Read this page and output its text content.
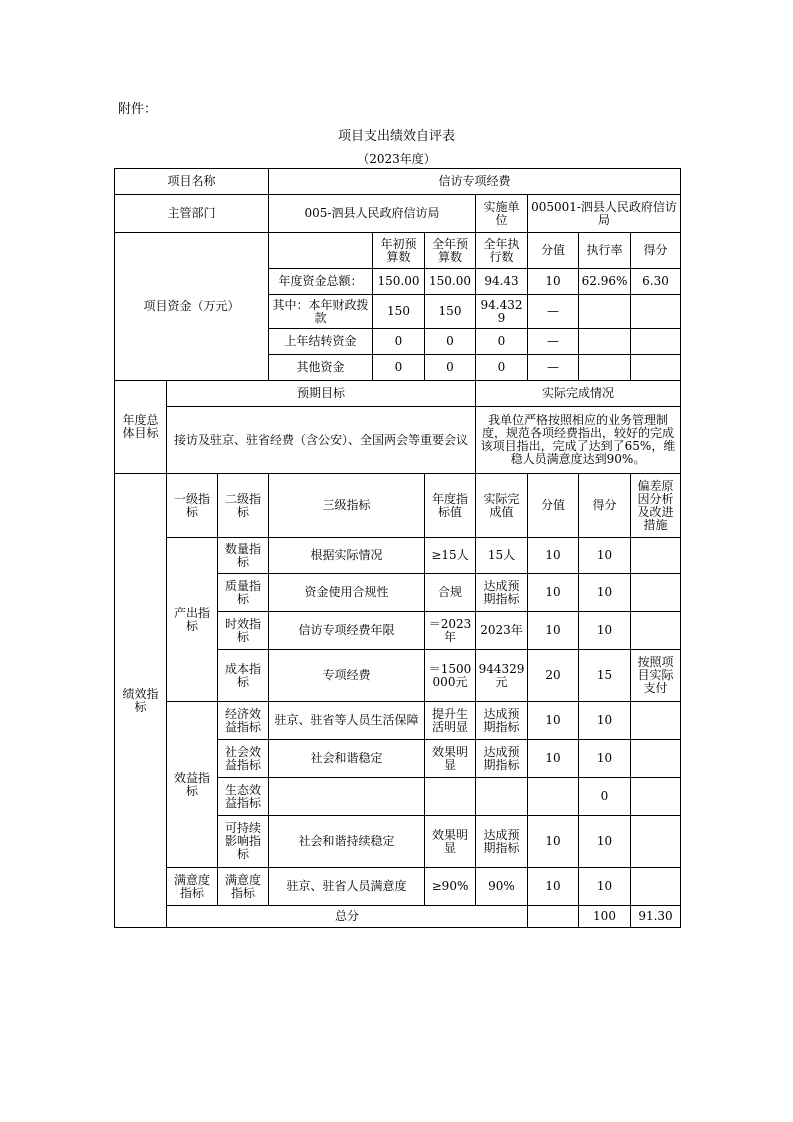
附件：
项目支出绩效自评表
（2023年度）
项目名称			信访专项经费							
主管部门			005-泗县人民政府信访局			实施单位	005001-泗县人民政府信访局			
项目资金（万元）				年初预算数	全年预算数	全年执行数	分值	执行率	得分	
			年度资金总额：	150.00	150.00	94.43	10	62.96%	6.30	
			其中：本年财政拨款	150	150	94.4329	—			
			上年结转资金	0	0	0	—			
			其他资金	0	0	0	—			
年度总体目标	预期目标					实际完成情况				
	接访及驻京、驻省经费（含公安）、全国两会等重要会议					我单位严格按照相应的业务管理制度，规范各项经费指出，较好的完成该项目指出，完成了达到了65%，维稳人员满意度达到90%。				
绩效指标	一级指标	二级指标	三级指标		年度指标值	实际完成值	分值	得分	偏差原因分析及改进措施	
	产出指标	数量指标	根据实际情况		≥15人	15人	10	10		
		质量指标	资金使用合规性		合规	达成预期指标	10	10		
		时效指标	信访专项经费年限		＝2023年	2023年	10	10		
		成本指标	专项经费		＝1500000元	944329元	20	15	按照项目实际支付	
	效益指标	经济效益指标	驻京、驻省等人员生活保障		提升生活明显	达成预期指标	10	10		
		社会效益指标	社会和谐稳定		效果明显	达成预期指标	10	10		
		生态效益指标						0		
		可持续影响指标	社会和谐持续稳定		效果明显	达成预期指标	10	10		
	满意度指标	满意度指标	驻京、驻省人员满意度		≥90%	90%	10	10		
	总分							100	91.30	
